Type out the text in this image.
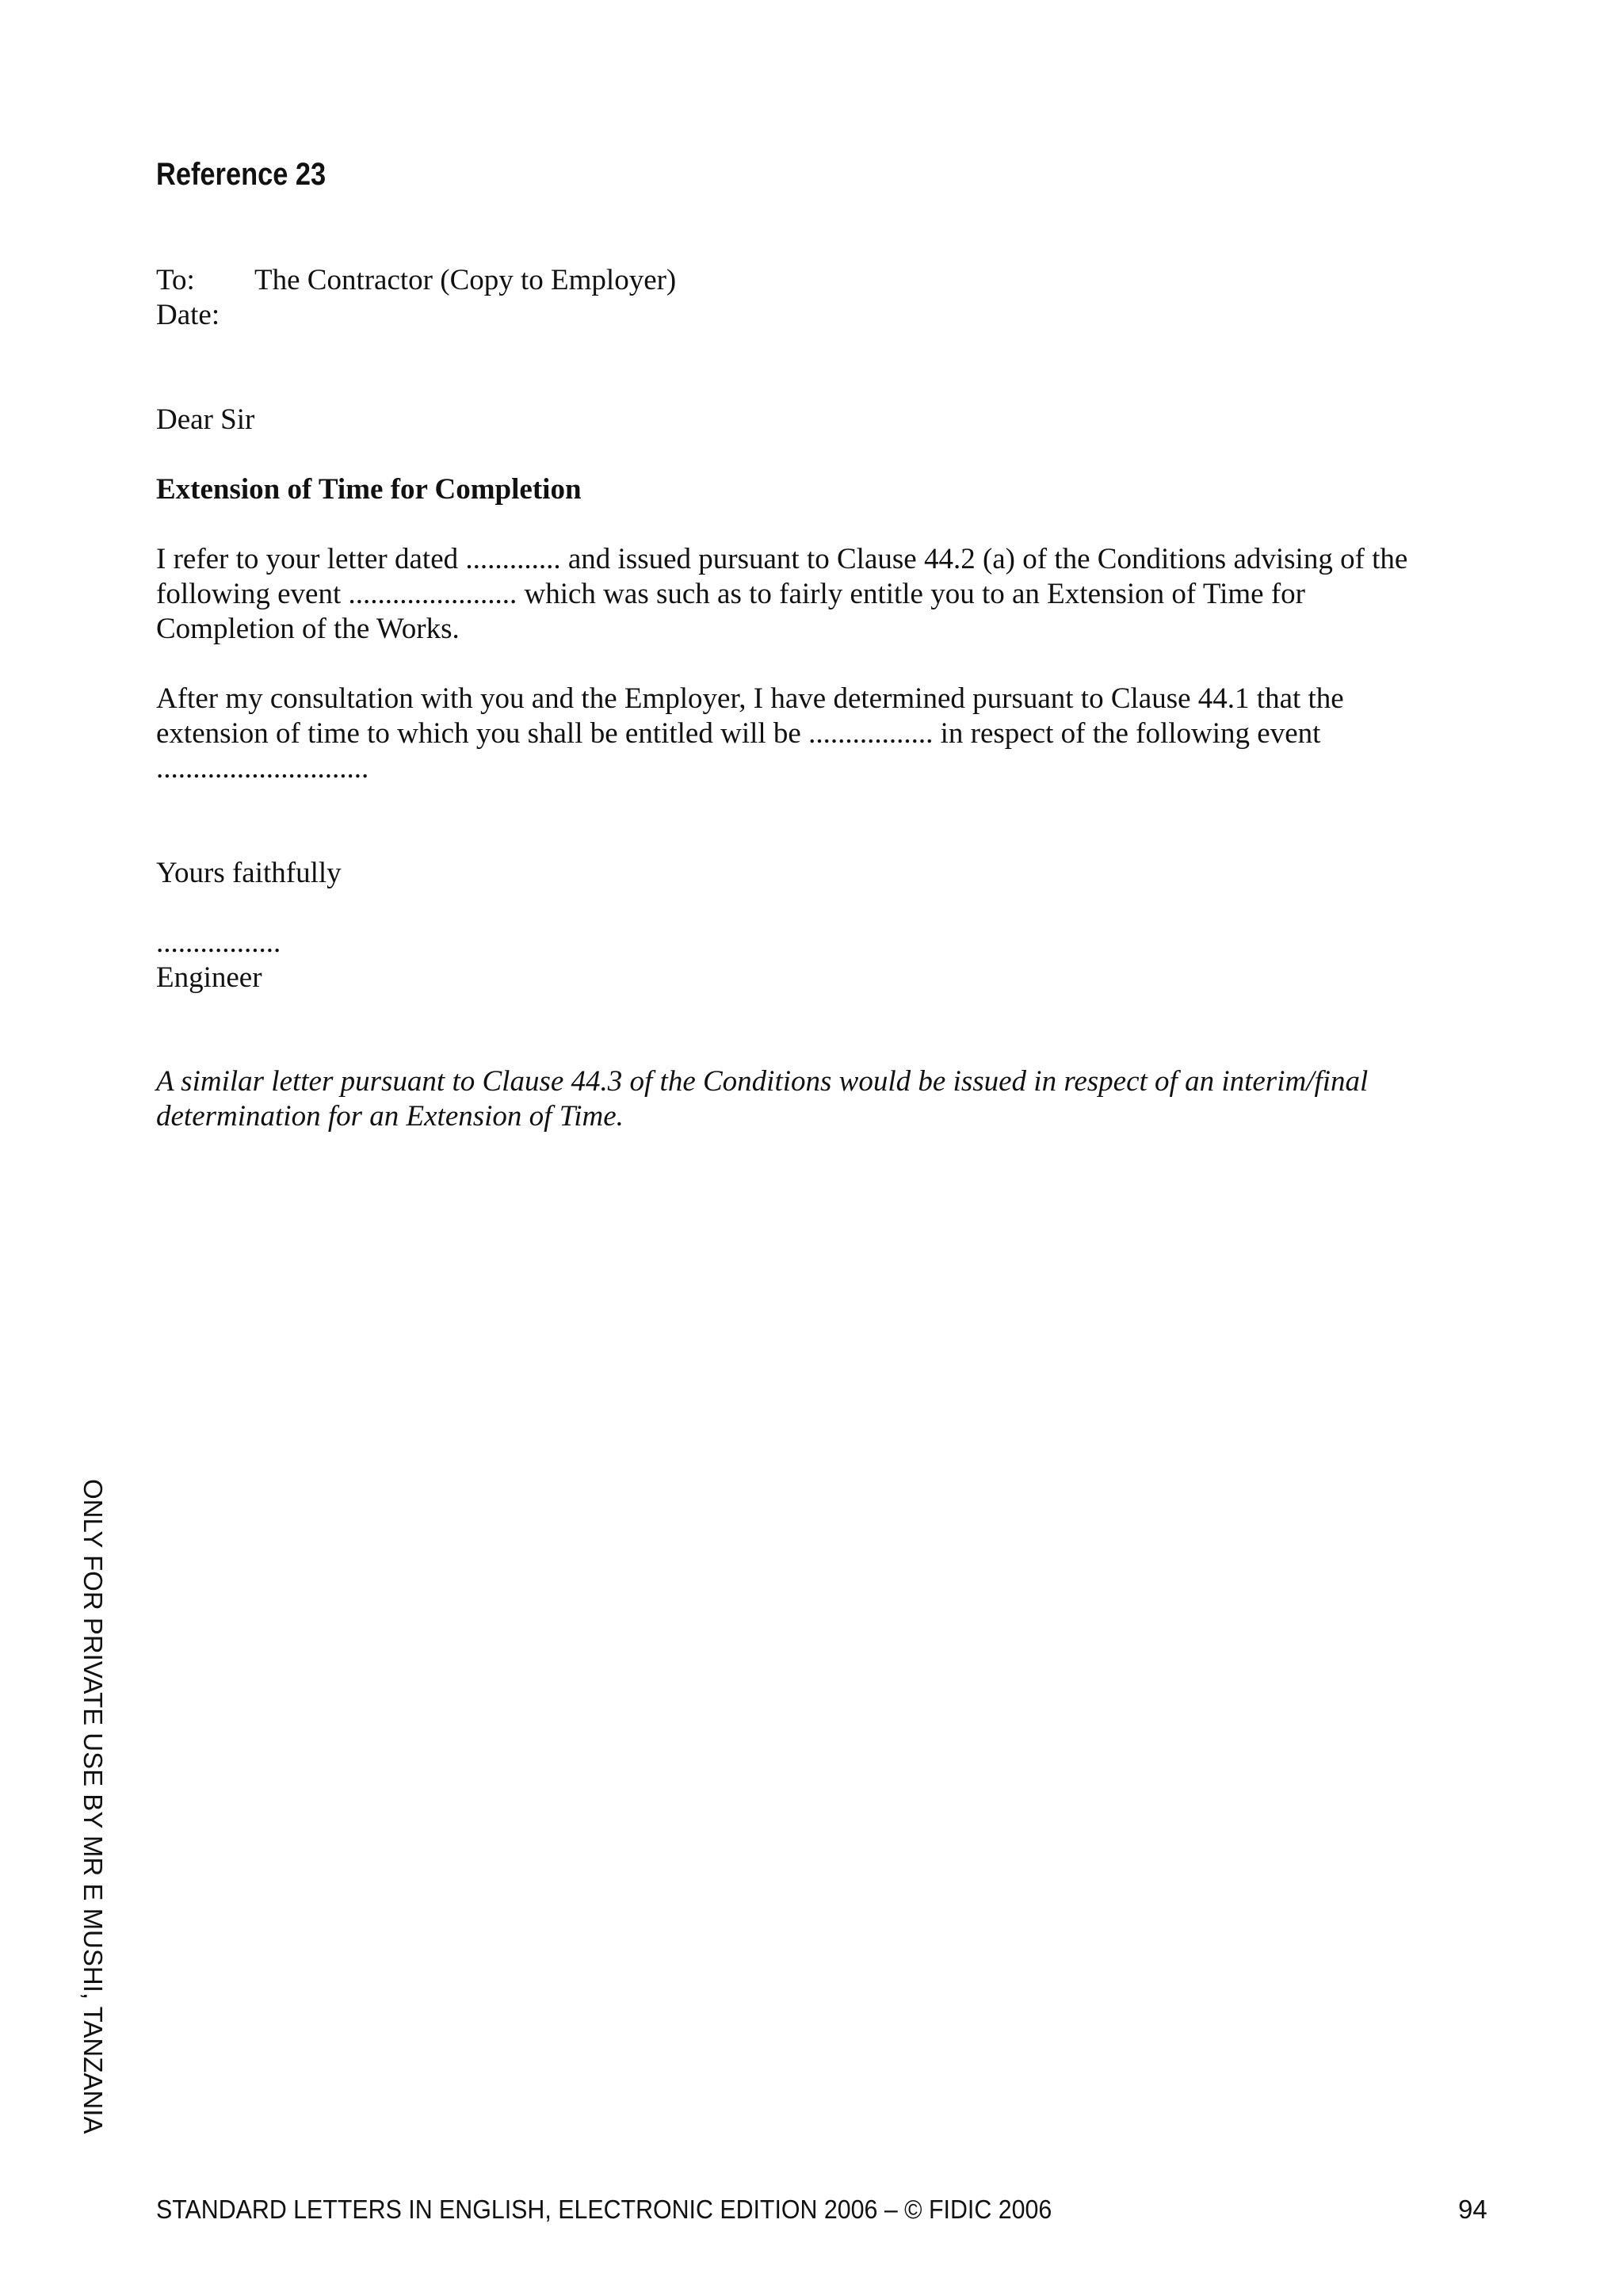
Reference 23
To:	The Contractor (Copy to Employer)
Date:
Dear Sir
Extension of Time for Completion
I refer to your letter dated ............. and issued pursuant to Clause 44.2 (a) of the Conditions advising of the
following event ....................... which was such as to fairly entitle you to an Extension of Time for
Completion of the Works.
After my consultation with you and the Employer, I have determined pursuant to Clause 44.1 that the
extension of time to which you shall be entitled will be ................. in respect of the following event
.............................
Yours faithfully
.................
Engineer
A similar letter pursuant to Clause 44.3 of the Conditions would be issued in respect of an interim/final
determination for an Extension of Time.
ONLY FOR PRIVATE USE BY MR E MUSHI, TANZANIA
STANDARD LETTERS IN ENGLISH, ELECTRONIC EDITION 2006 – © FIDIC 2006	94
